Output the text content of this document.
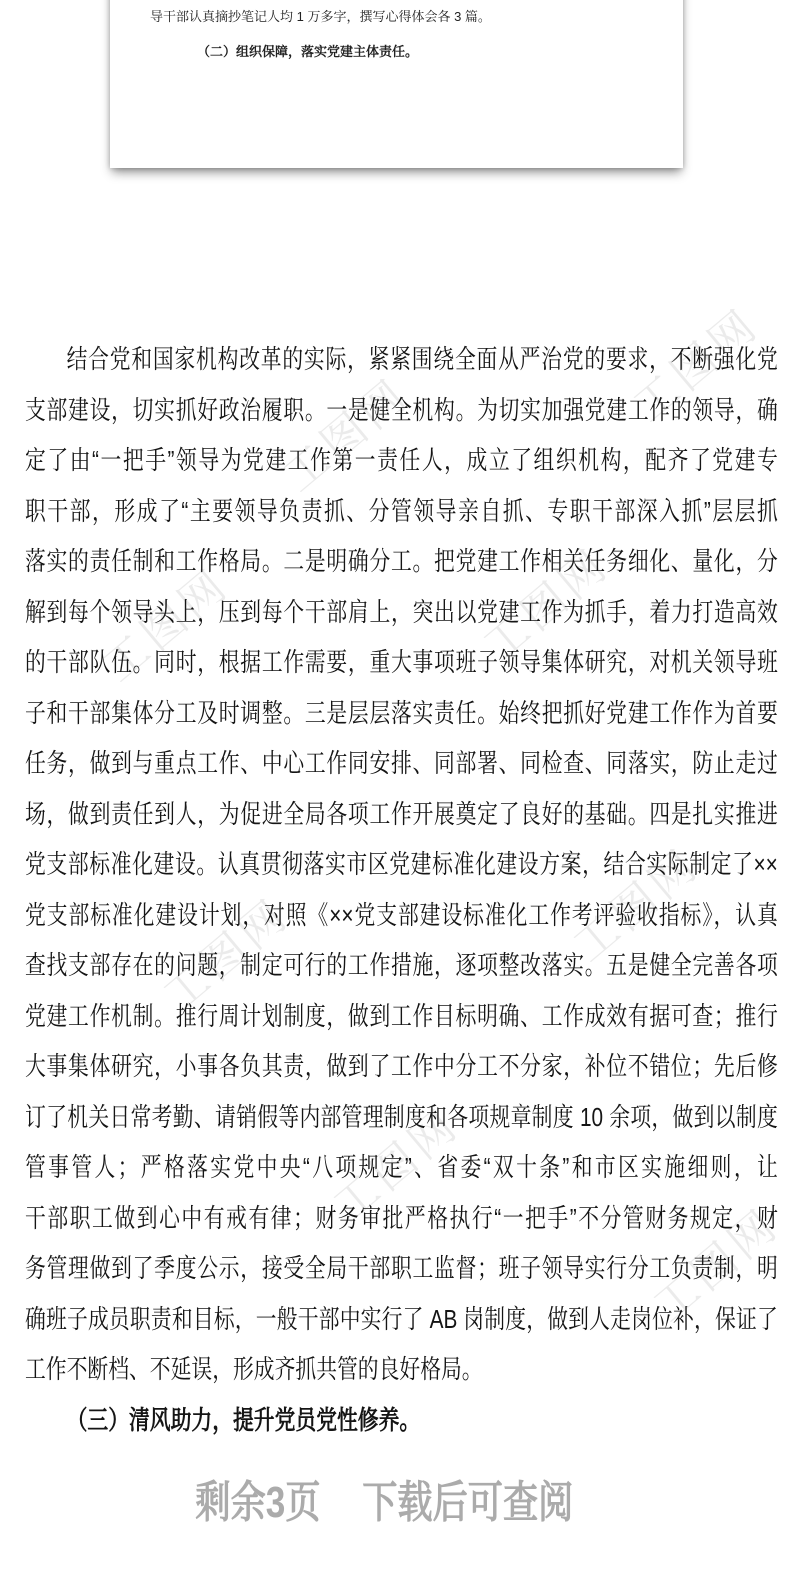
工图网
工图网
工图网	工图网
工图网	工图网
工图网
工图网
导干部认真摘抄笔记人均 1 万多字，撰写心得体会各 3 篇。
（二）组织保障，落实党建主体责任。
结合党和国家机构改革的实际，紧紧围绕全面从严治党的要求，不断强化党
支部建设，切实抓好政治履职。一是健全机构。为切实加强党建工作的领导，确
定了由“一把手”领导为党建工作第一责任人，成立了组织机构，配齐了党建专
职干部，形成了“主要领导负责抓、分管领导亲自抓、专职干部深入抓”层层抓
落实的责任制和工作格局。二是明确分工。把党建工作相关任务细化、量化，分
解到每个领导头上，压到每个干部肩上，突出以党建工作为抓手，着力打造高效
的干部队伍。同时，根据工作需要，重大事项班子领导集体研究，对机关领导班
子和干部集体分工及时调整。三是层层落实责任。始终把抓好党建工作作为首要
任务，做到与重点工作、中心工作同安排、同部署、同检查、同落实，防止走过
场，做到责任到人，为促进全局各项工作开展奠定了良好的基础。四是扎实推进
党支部标准化建设。认真贯彻落实市区党建标准化建设方案，结合实际制定了××
党支部标准化建设计划，对照《××党支部建设标准化工作考评验收指标》，认真
查找支部存在的问题，制定可行的工作措施，逐项整改落实。五是健全完善各项
党建工作机制。推行周计划制度，做到工作目标明确、工作成效有据可查；推行
大事集体研究，小事各负其责，做到了工作中分工不分家，补位不错位；先后修
订了机关日常考勤、请销假等内部管理制度和各项规章制度 10 余项，做到以制度
管事管人；严格落实党中央“八项规定”、省委“双十条”和市区实施细则，让
干部职工做到心中有戒有律；财务审批严格执行“一把手”不分管财务规定，财
务管理做到了季度公示，接受全局干部职工监督；班子领导实行分工负责制，明
确班子成员职责和目标，一般干部中实行了 AB 岗制度，做到人走岗位补，保证了
工作不断档、不延误，形成齐抓共管的良好格局。
（三）清风助力，提升党员党性修养。
剩余3页 下载后可查阅
